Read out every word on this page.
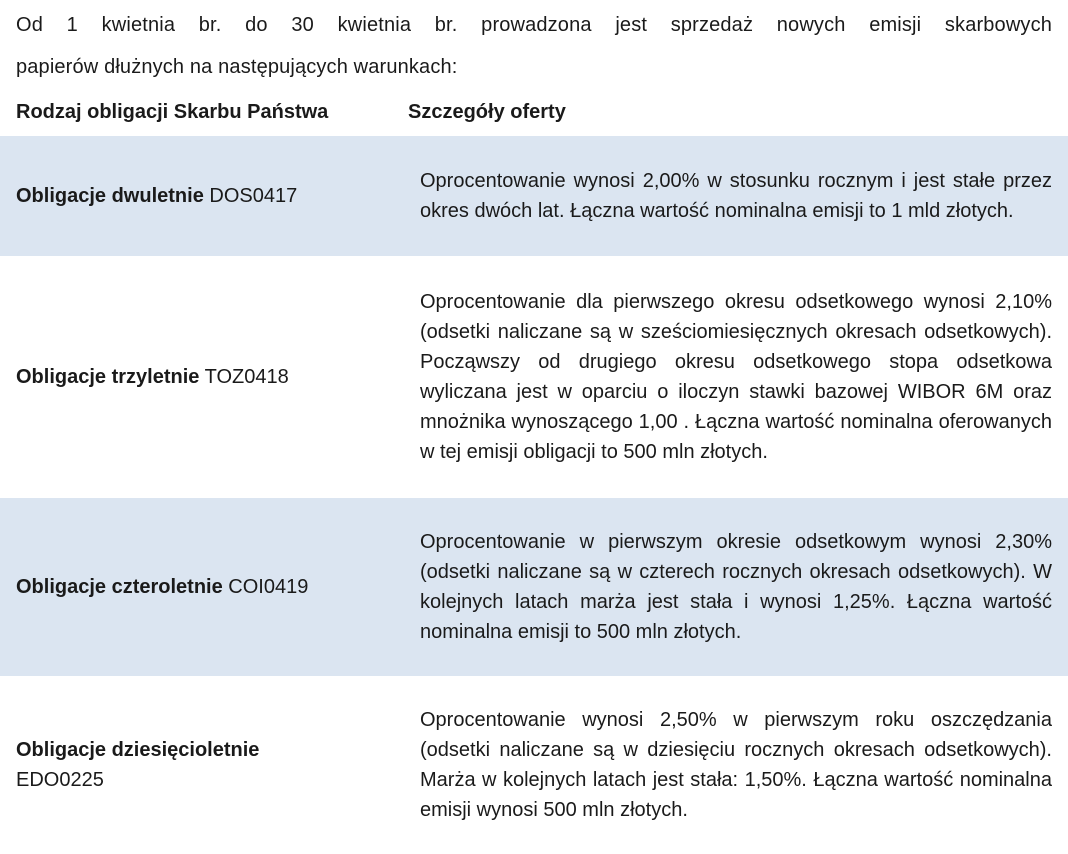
Od 1 kwietnia br. do 30 kwietnia br. prowadzona jest sprzedaż nowych emisji skarbowych
papierów dłużnych na następujących warunkach:
Rodzaj obligacji Skarbu Państwa	Szczegóły oferty
Obligacje dwuletnie DOS0417
Oprocentowanie wynosi 2,00% w stosunku rocznym i jest stałe przez okres dwóch lat. Łączna wartość nominalna emisji to 1 mld złotych.
Obligacje trzyletnie TOZ0418
Oprocentowanie dla pierwszego okresu odsetkowego wynosi 2,10% (odsetki naliczane są w sześciomiesięcznych okresach odsetkowych). Począwszy od drugiego okresu odsetkowego stopa odsetkowa wyliczana jest w oparciu o iloczyn stawki bazowej WIBOR 6M oraz mnożnika wynoszącego 1,00 . Łączna wartość nominalna oferowanych w tej emisji obligacji to 500 mln złotych.
Obligacje czteroletnie COI0419
Oprocentowanie w pierwszym okresie odsetkowym wynosi 2,30% (odsetki naliczane są w czterech rocznych okresach odsetkowych). W kolejnych latach marża jest stała i wynosi 1,25%. Łączna wartość nominalna emisji to 500 mln złotych.
Obligacje dziesięcioletnie
EDO0225
Oprocentowanie wynosi 2,50% w pierwszym roku oszczędzania (odsetki naliczane są w dziesięciu rocznych okresach odsetkowych). Marża w kolejnych latach jest stała: 1,50%. Łączna wartość nominalna emisji wynosi 500 mln złotych.
